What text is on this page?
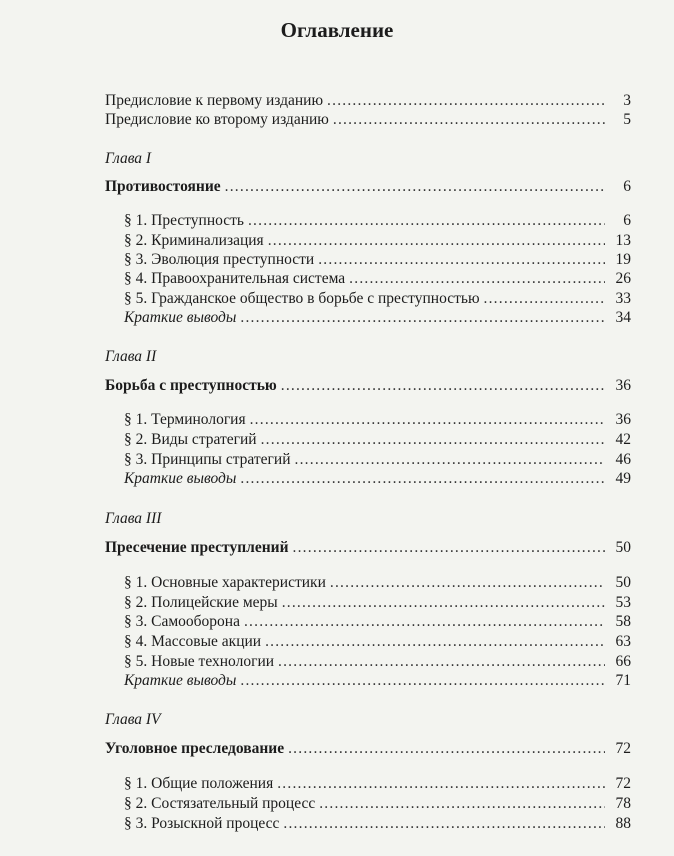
Оглавление
Предисловие к первому изданию .....	3
Предисловие ко второму изданию .....	5
Глава I
Противостояние .....	6
§ 1. Преступность .....	6
§ 2. Криминализация .....	13
§ 3. Эволюция преступности .....	19
§ 4. Правоохранительная система .....	26
§ 5. Гражданское общество в борьбе с преступностью .....	33
Краткие выводы .....	34
Глава II
Борьба с преступностью .....	36
§ 1. Терминология .....	36
§ 2. Виды стратегий .....	42
§ 3. Принципы стратегий .....	46
Краткие выводы .....	49
Глава III
Пресечение преступлений .....	50
§ 1. Основные характеристики .....	50
§ 2. Полицейские меры .....	53
§ 3. Самооборона .....	58
§ 4. Массовые акции .....	63
§ 5. Новые технологии .....	66
Краткие выводы .....	71
Глава IV
Уголовное преследование .....	72
§ 1. Общие положения .....	72
§ 2. Состязательный процесс .....	78
§ 3. Розыскной процесс .....	88
